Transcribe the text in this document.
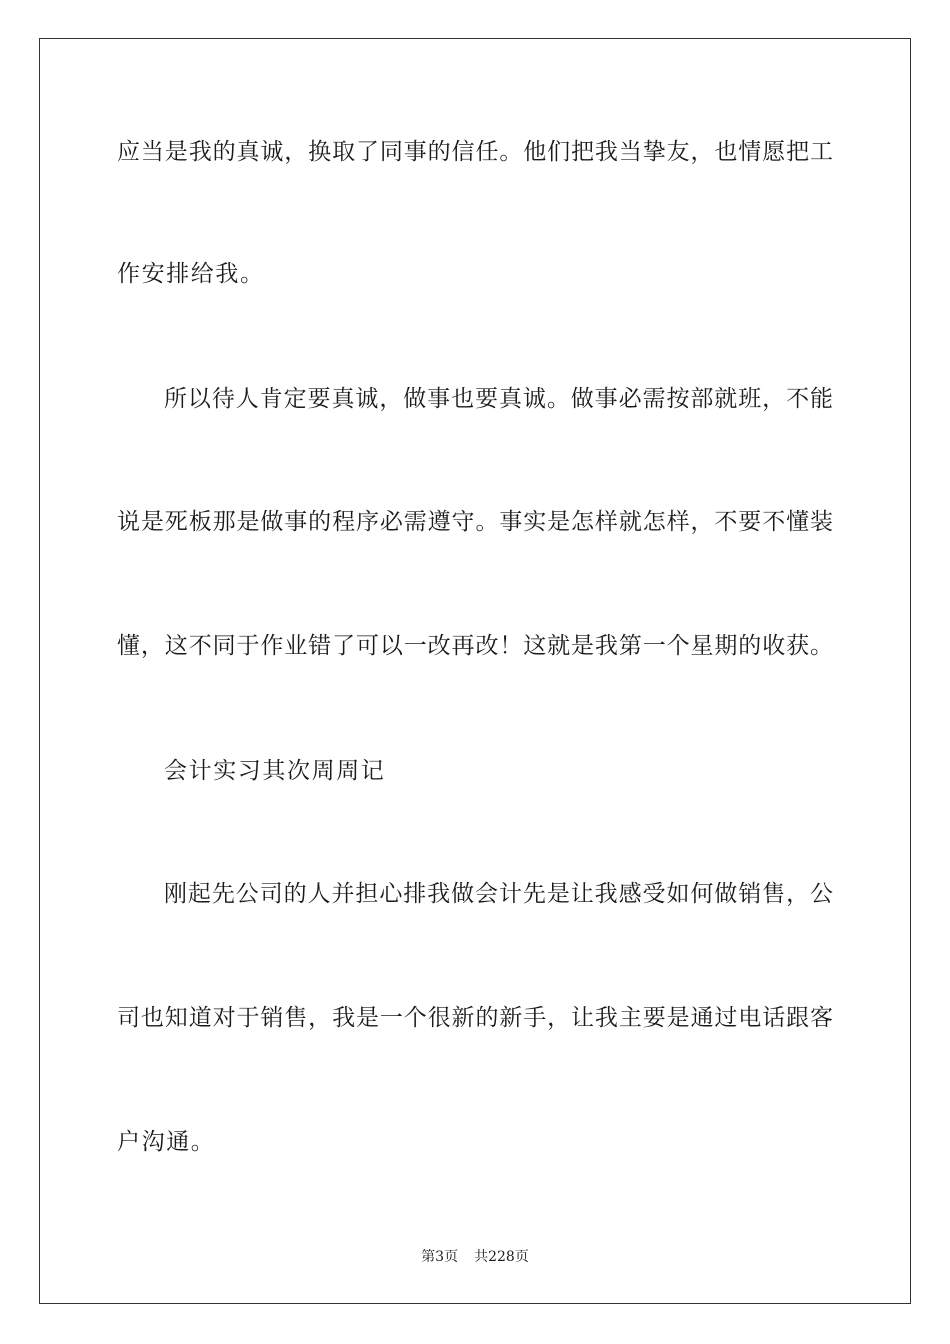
应当是我的真诚，换取了同事的信任。他们把我当挚友，也情愿把工
作安排给我。
所以待人肯定要真诚，做事也要真诚。做事必需按部就班，不能
说是死板那是做事的程序必需遵守。事实是怎样就怎样，不要不懂装
懂，这不同于作业错了可以一改再改！这就是我第一个星期的收获。
会计实习其次周周记
刚起先公司的人并担心排我做会计先是让我感受如何做销售，公
司也知道对于销售，我是一个很新的新手，让我主要是通过电话跟客
户沟通。
第3页 共228页
